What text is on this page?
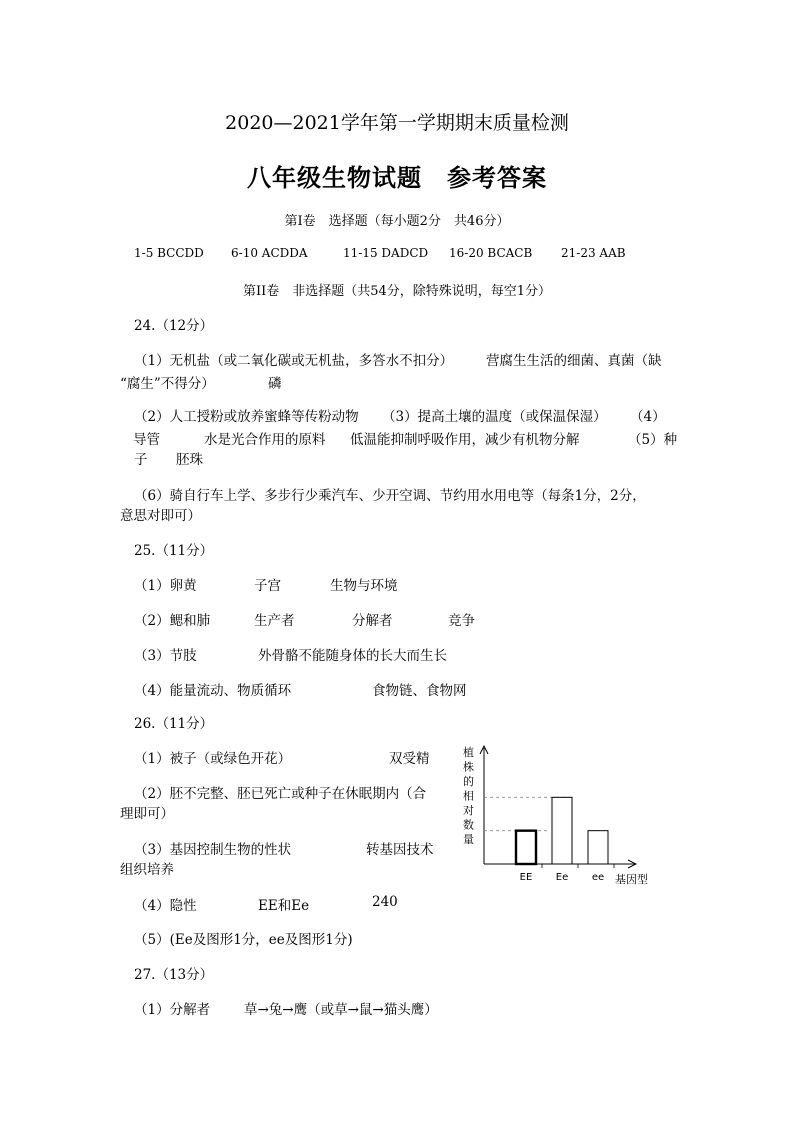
2020—2021学年第一学期期末质量检测
八年级生物试题　参考答案
第Ⅰ卷　选择题（每小题2分　共46分）
1-5 BCCDD 6-10 ACDDA	11-15 DADCD 16-20 BCACB 21-23 AAB
第II卷　非选择题（共54分，除特殊说明，每空1分）
24.（12分）
（1）无机盐（或二氧化碳或无机盐，多答水不扣分） 营腐生生活的细菌、真菌（缺
“腐生”不得分）	磷
（2）人工授粉或放养蜜蜂等传粉动物 （3）提高土壤的温度（或保温保湿） （4）
导管	水是光合作用的原料 低温能抑制呼吸作用，减少有机物分解	（5）种
子 胚珠
（6）骑自行车上学、多步行少乘汽车、少开空调、节约用水用电等（每条1分，2分，
意思对即可）
25.（11分）
（1）卵黄	子宫	生物与环境
（2）鳃和肺	生产者	分解者	竞争
（3）节肢	外骨骼不能随身体的长大而生长
（4）能量流动、物质循环	食物链、食物网
26.（11分）
（1）被子（或绿色开花）	双受精
（2）胚不完整、胚已死亡或种子在休眠期内（合
理即可）
（3）基因控制生物的性状	转基因技术
组织培养
（4）隐性	EE和Ee	240
（5）(Ee及图形1分，ee及图形1分)
27.（13分）
（1）分解者	草→兔→鹰（或草→鼠→猫头鹰）
植
株
的
相
对
数
量
EE Ee ee 基因型
